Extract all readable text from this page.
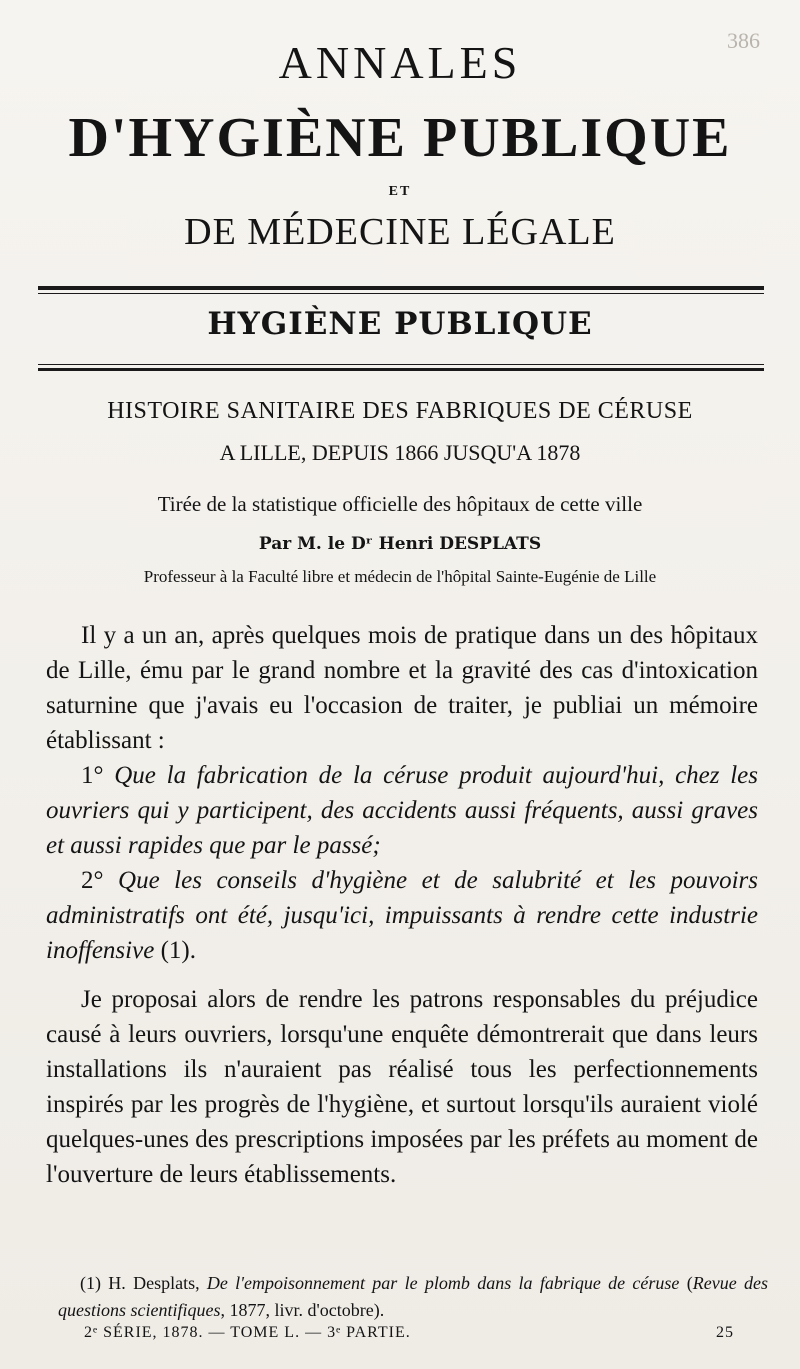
386
ANNALES
D'HYGIÈNE PUBLIQUE
ET
DE MÉDECINE LÉGALE
HYGIÈNE PUBLIQUE
HISTOIRE SANITAIRE DES FABRIQUES DE CÉRUSE
A LILLE, DEPUIS 1866 JUSQU'A 1878
Tirée de la statistique officielle des hôpitaux de cette ville
Par M. le Dʳ Henri DESPLATS
Professeur à la Faculté libre et médecin de l'hôpital Sainte-Eugénie de Lille

Il y a un an, après quelques mois de pratique dans un des hôpitaux de Lille, ému par le grand nombre et la gravité des cas d'intoxication saturnine que j'avais eu l'occasion de traiter, je publiai un mémoire établissant :

1° Que la fabrication de la céruse produit aujourd'hui, chez les ouvriers qui y participent, des accidents aussi fréquents, aussi graves et aussi rapides que par le passé;

2° Que les conseils d'hygiène et de salubrité et les pouvoirs administratifs ont été, jusqu'ici, impuissants à rendre cette industrie inoffensive (1).

Je proposai alors de rendre les patrons responsables du préjudice causé à leurs ouvriers, lorsqu'une enquête démontrerait que dans leurs installations ils n'auraient pas réalisé tous les perfectionnements inspirés par les progrès de l'hygiène, et surtout lorsqu'ils auraient violé quelques-unes des prescriptions imposées par les préfets au moment de l'ouverture de leurs établissements.

(1) H. Desplats, De l'empoisonnement par le plomb dans la fabrique de céruse (Revue des questions scientifiques, 1877, livr. d'octobre).
2ᵉ SÉRIE, 1878. — TOME L. — 3ᵉ PARTIE.	25
